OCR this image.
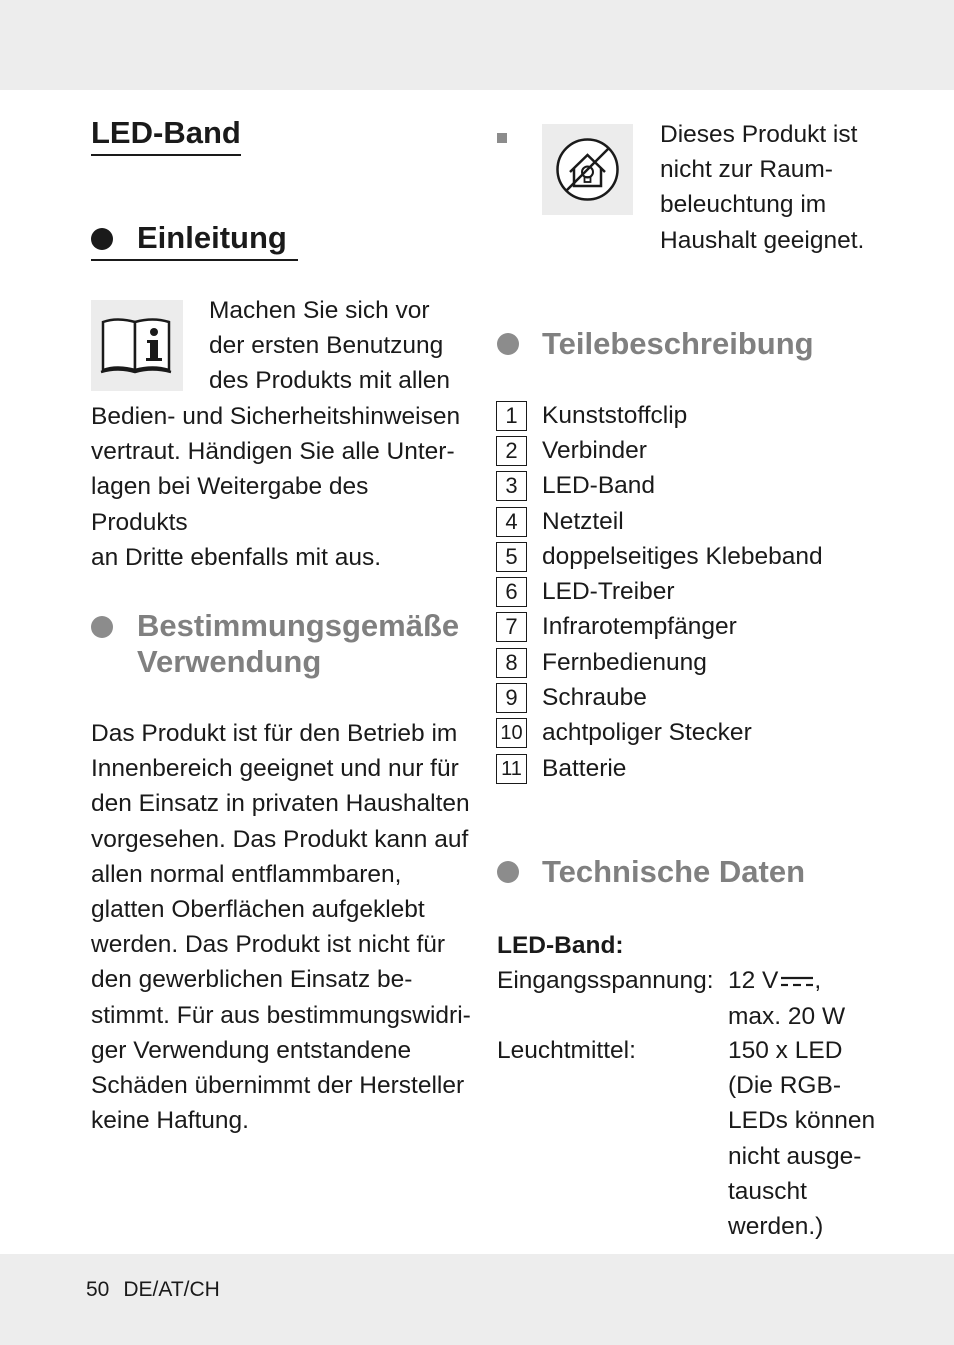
LED-Band
Einleitung
Machen Sie sich vor
der ersten Benutzung
des Produkts mit allen
Bedien- und Sicherheitshinweisen
vertraut. Händigen Sie alle Unter-
lagen bei Weitergabe des Produkts
an Dritte ebenfalls mit aus.
Bestimmungsgemäße
Verwendung
Das Produkt ist für den Betrieb im
Innenbereich geeignet und nur für
den Einsatz in privaten Haushalten
vorgesehen. Das Produkt kann auf
allen normal entflammbaren,
glatten Oberflächen aufgeklebt
werden. Das Produkt ist nicht für
den gewerblichen Einsatz be-
stimmt. Für aus bestimmungswidri-
ger Verwendung entstandene
Schäden übernimmt der Hersteller
keine Haftung.
Dieses Produkt ist
nicht zur Raum-
beleuchtung im
Haushalt geeignet.
Teilebeschreibung
1 Kunststoffclip
2 Verbinder
3 LED-Band
4 Netzteil
5 doppelseitiges Klebeband
6 LED-Treiber
7 Infrarotempfänger
8 Fernbedienung
9 Schraube
10 achtpoliger Stecker
11 Batterie
Technische Daten
LED-Band:
Eingangsspannung: 12 V ,
max. 20 W
Leuchtmittel:	150 x LED
(Die RGB-
LEDs können
nicht ausge-
tauscht
werden.)
50 DE/AT/CH
